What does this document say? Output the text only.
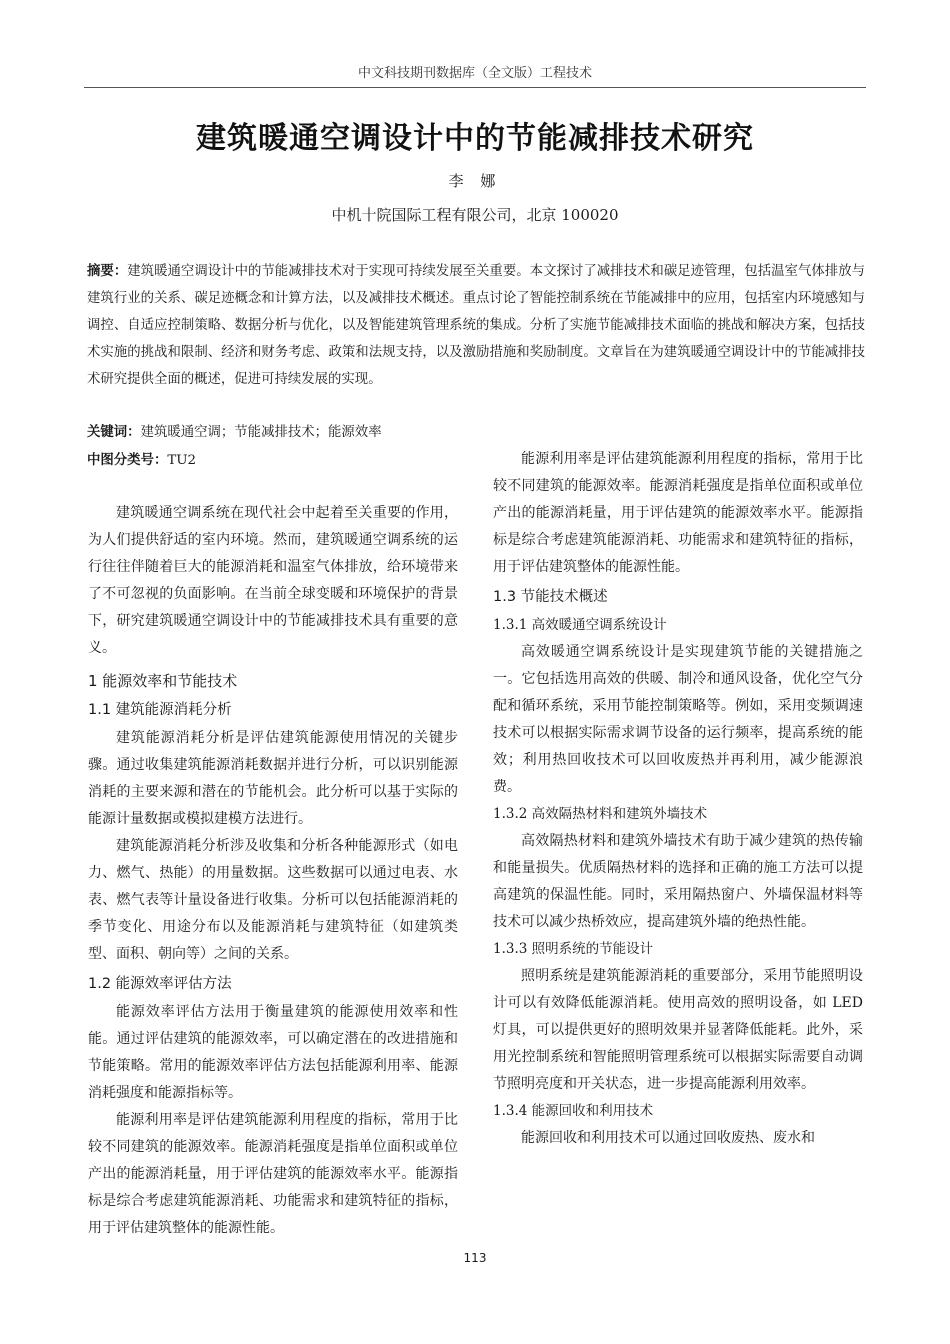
中文科技期刊数据库（全文版）工程技术
建筑暖通空调设计中的节能减排技术研究
李 娜
中机十院国际工程有限公司，北京 100020
摘要：建筑暖通空调设计中的节能减排技术对于实现可持续发展至关重要。本文探讨了减排技术和碳足迹管理，包括温室气体排放与建筑行业的关系、碳足迹概念和计算方法，以及减排技术概述。重点讨论了智能控制系统在节能减排中的应用，包括室内环境感知与调控、自适应控制策略、数据分析与优化，以及智能建筑管理系统的集成。分析了实施节能减排技术面临的挑战和解决方案，包括技术实施的挑战和限制、经济和财务考虑、政策和法规支持，以及激励措施和奖励制度。文章旨在为建筑暖通空调设计中的节能减排技术研究提供全面的概述，促进可持续发展的实现。
关键词：建筑暖通空调；节能减排技术；能源效率
中图分类号：TU2

建筑暖通空调系统在现代社会中起着至关重要的作用，为人们提供舒适的室内环境。然而，建筑暖通空调系统的运行往往伴随着巨大的能源消耗和温室气体排放，给环境带来了不可忽视的负面影响。在当前全球变暖和环境保护的背景下，研究建筑暖通空调设计中的节能减排技术具有重要的意义。

1 能源效率和节能技术
1.1 建筑能源消耗分析

建筑能源消耗分析是评估建筑能源使用情况的关键步骤。通过收集建筑能源消耗数据并进行分析，可以识别能源消耗的主要来源和潜在的节能机会。此分析可以基于实际的能源计量数据或模拟建模方法进行。

建筑能源消耗分析涉及收集和分析各种能源形式（如电力、燃气、热能）的用量数据。这些数据可以通过电表、水表、燃气表等计量设备进行收集。分析可以包括能源消耗的季节变化、用途分布以及能源消耗与建筑特征（如建筑类型、面积、朝向等）之间的关系。

1.2 能源效率评估方法

能源效率评估方法用于衡量建筑的能源使用效率和性能。通过评估建筑的能源效率，可以确定潜在的改进措施和节能策略。常用的能源效率评估方法包括能源利用率、能源消耗强度和能源指标等。

能源利用率是评估建筑能源利用程度的指标，常用于比较不同建筑的能源效率。能源消耗强度是指单位面积或单位产出的能源消耗量，用于评估建筑的能源效率水平。能源指标是综合考虑建筑能源消耗、功能需求和建筑特征的指标，用于评估建筑整体的能源性能。

能源利用率是评估建筑能源利用程度的指标，常用于比较不同建筑的能源效率。能源消耗强度是指单位面积或单位产出的能源消耗量，用于评估建筑的能源效率水平。能源指标是综合考虑建筑能源消耗、功能需求和建筑特征的指标，用于评估建筑整体的能源性能。

1.3 节能技术概述
1.3.1 高效暖通空调系统设计

高效暖通空调系统设计是实现建筑节能的关键措施之一。它包括选用高效的供暖、制冷和通风设备，优化空气分配和循环系统，采用节能控制策略等。例如，采用变频调速技术可以根据实际需求调节设备的运行频率，提高系统的能效；利用热回收技术可以回收废热并再利用，减少能源浪费。

1.3.2 高效隔热材料和建筑外墙技术

高效隔热材料和建筑外墙技术有助于减少建筑的热传输和能量损失。优质隔热材料的选择和正确的施工方法可以提高建筑的保温性能。同时，采用隔热窗户、外墙保温材料等技术可以减少热桥效应，提高建筑外墙的绝热性能。

1.3.3 照明系统的节能设计

照明系统是建筑能源消耗的重要部分，采用节能照明设计可以有效降低能源消耗。使用高效的照明设备，如 LED 灯具，可以提供更好的照明效果并显著降低能耗。此外，采用光控制系统和智能照明管理系统可以根据实际需要自动调节照明亮度和开关状态，进一步提高能源利用效率。

1.3.4 能源回收和利用技术

能源回收和利用技术可以通过回收废热、废水和

113
